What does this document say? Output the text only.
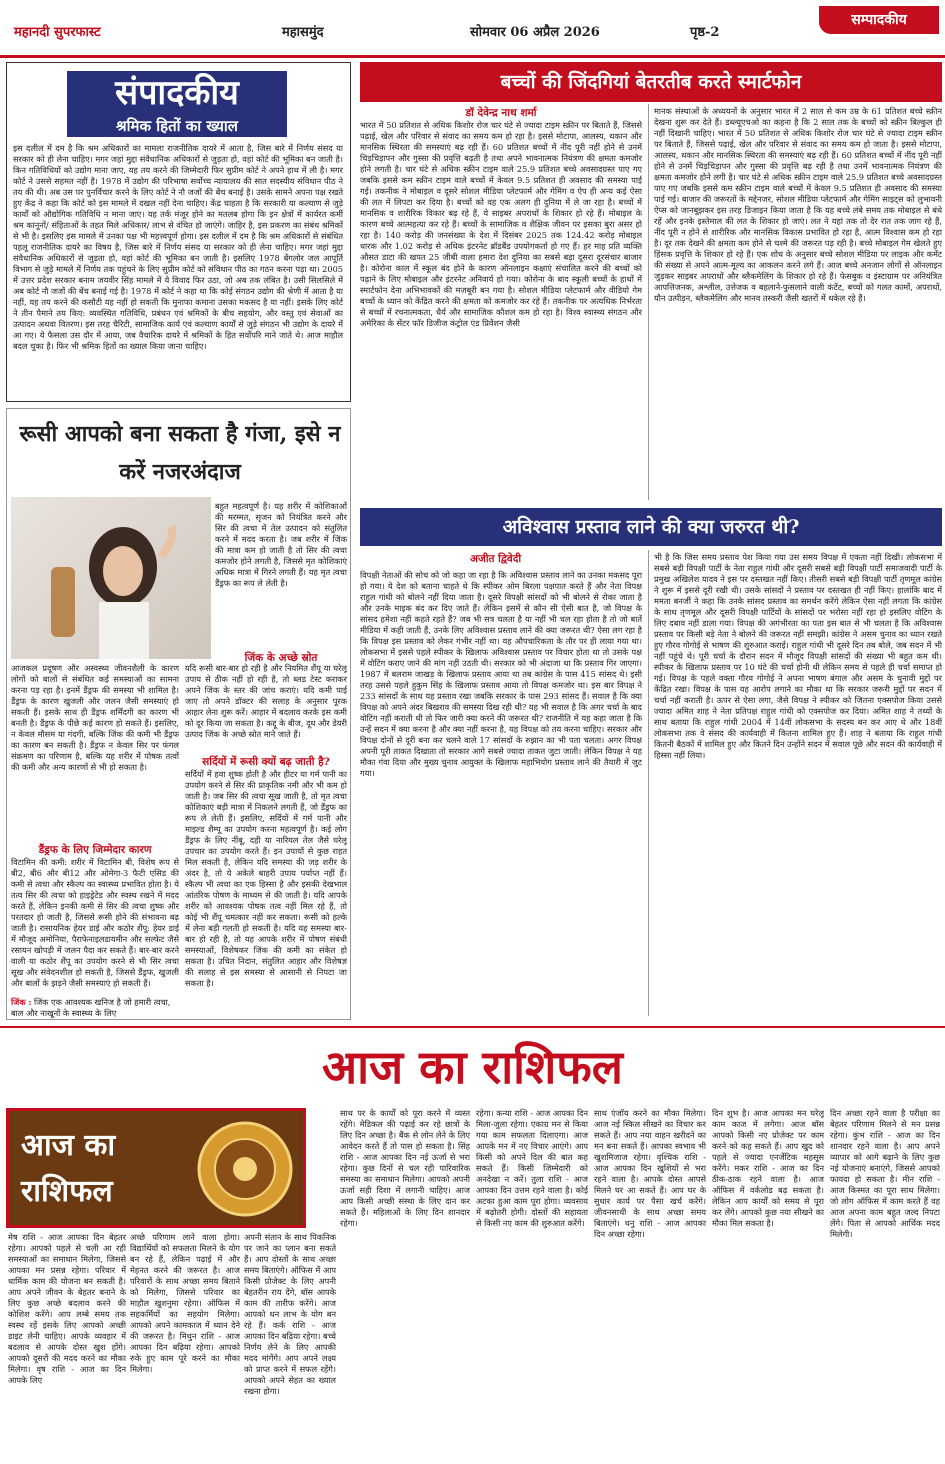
महानदी सुपरफास्ट	महासमुंद	सोमवार 06 अप्रैल 2026	पृष्ठ-2
सम्पादकीय
संपादकीय
श्रमिक हितों का ख्याल
इस दलील में दम है कि श्रम अधिकारों का मामला राजनीतिक दायरे में आता है, जिस बारे में निर्णय संसद या सरकार को ही लेना चाहिए। मगर जहां मुद्दा संवैधानिक अधिकारों से जुड़ता हो, वहां कोर्ट की भूमिका बन जाती है। किन गतिविधियों को उद्योग माना जाए, यह तय करने की जिम्मेदारी फिर सुप्रीम कोर्ट ने अपने हाथ में ली है। मगर कोर्ट ने उससे सहमत नहीं है। 1978 में उद्योग की परिभाषा सर्वोच्च न्यायालय की सात सदस्यीय संविधान पीठ ने तय की थी। अब उस पर पुनर्विचार करने के लिए कोर्ट ने नौ जजों की बेंच बनाई है। उसके सामने अपना पक्ष रखते हुए केंद्र ने कहा कि कोर्ट को इस मामले में दखल नहीं देना चाहिए। केंद्र चाहता है कि सरकारी या कल्याण से जुड़े कार्यों को औद्योगिक गतिविधि न माना जाए। यह तर्क मंजूर होने का मतलब होगा कि इन क्षेत्रों में कार्यरत कर्मी श्रम कानूनों/ संहिताओं के तहत मिले अधिकार/ लाभ से वंचित हो जाएंगे। जाहिर है, इस प्रकरण का संबंध श्रमिकों से भी है। इसलिए इस मामले में उनका पक्ष भी महत्त्वपूर्ण होगा। इस दलील में दम है कि श्रम अधिकारों से संबंधित पहलू राजनीतिक दायरे का विषय है, जिस बारे में निर्णय संसद या सरकार को ही लेना चाहिए। मगर जहां मुद्दा संवैधानिक अधिकारों से जुड़ता हो, वहां कोर्ट की भूमिका बन जाती है। इसलिए 1978 बेंगलोर जल आपूर्ति विभाग से जुड़े मामले में निर्णय तक पहुंचने के लिए सुप्रीम कोर्ट को संविधान पीठ का गठन करना पड़ा था। 2005 में उत्तर प्रदेश सरकार बनाम जयवीर सिंह मामले में ये विवाद फिर उठा, जो अब तक लंबित है। उसी सिलसिले में अब कोर्ट नौ जजों की बेंच बनाई गई है। 1978 में कोर्ट ने कहा था कि कोई संगठन उद्योग की श्रेणी में आता है या नहीं, यह तय करने की कसौटी यह नहीं हो सकती कि मुनाफा कमाना उसका मकसद है या नहीं। इसके लिए कोर्ट ने तीन पैमाने तय किए: व्यवस्थित गतिविधि, प्रबंधन एवं श्रमिकों के बीच सहयोग, और वस्तु एवं सेवाओं का उत्पादन अथवा वितरण। इस तरह चैरिटी, सामाजिक कार्य एवं कल्याण कार्यों से जुड़े संगठन भी उद्योग के दायरे में आ गए। ये फैसला उस दौर में आया, जब वैचारिक दायरे में श्रमिकों के हित सर्वोपरि माने जाते थे। आज माहौल बदल चुका है। फिर भी श्रमिक हितों का ख्याल किया जाना चाहिए।
रूसी आपको बना सकता है गंजा, इसे न करें नजरअंदाज
बहुत महत्वपूर्ण है। यह शरीर में कोशिकाओं की मरम्मत, सृजन को नियंत्रित करने और सिर की त्वचा में तेल उत्पादन को संतुलित करने में मदद करता है। जब शरीर में जिंक की मात्रा कम हो जाती है तो सिर की त्वचा कमजोर होने लगती है, जिससे मृत कोशिकाएं अधिक मात्रा में गिरने लगती हैं। यह मृत त्वचा डैंड्रफ का रूप ले लेती है।
जिंक के अच्छे स्रोत
आजकल प्रदूषण और अस्वस्थ्य जीवनशैली के कारण लोगों को बालों से संबंधित कई समस्याओं का सामना करना पड़ रहा है। इनमें डैंड्रफ की समस्या भी शामिल है। डैंड्रफ के कारण खुजली और जलन जैसी समस्याएं हो सकती हैं। इसके साथ ही डैंड्रफ शर्मिंदगी का कारण भी बनती है। डैंड्रफ के पीछे कई कारण हो सकते हैं। इसलिए, न केवल मौसम या गंदगी, बल्कि जिंक की कमी भी डैंड्रफ का कारण बन सकती है। डैंड्रफ न केवल सिर पर फंगल संक्रमण का परिणाम है, बल्कि यह शरीर में पोषक तत्वों की कमी और अन्य कारणों से भी हो सकता है।
डैंड्रफ के लिए जिम्मेदार कारण
विटामिन की कमी: शरीर में विटामिन बी, विशेष रूप से बी2, बी6 और बी12 और ओमेगा-3 फैटी एसिड की कमी से त्वचा और स्कैल्प का स्वास्थ्य प्रभावित होता है। ये तत्व सिर की त्वचा को हाइड्रेटेड और स्वस्थ रखने में मदद करते हैं, लेकिन इनकी कमी से सिर की त्वचा शुष्क और परतदार हो जाती है, जिससे रूसी होने की संभावना बढ़ जाती है। रासायनिक हेयर डाई और कठोर शैंपू: हेयर डाई में मौजूद अमोनिया, पैराफेनाइलडायमीन और सल्फेट जैसे रसायन खोपड़ी में जलन पैदा कर सकते हैं। बार-बार करने वाली या कठोर शैंपू का उपयोग करने से भी सिर त्वचा सूख और संवेदनशील हो सकती है, जिससे डैंड्रफ, खुजली और बालों के झड़ने जैसी समस्याएं हो सकती हैं।
जिंक : जिंक एक आवश्यक खनिज है जो हमारी त्वचा, बाल और नाखूनों के स्वास्थ्य के लिए
यदि रूसी बार-बार हो रही है और नियमित शैंपू या घरेलू उपाय से ठीक नहीं हो रही है, तो ब्लड टेस्ट कराकर अपने जिंक के स्तर की जांच कराएं। यदि कमी पाई जाए तो अपने डॉक्टर की सलाह के अनुसार पूरक आहार लेना शुरू करें। आहार में बदलाव करके इस कमी को दूर किया जा सकता है। कद्दू के बीज, दूध और डेयरी उत्पाद जिंक के अच्छे स्रोत माने जाते हैं।
सर्दियों में रूसी क्यों बढ़ जाती है?
सर्दियों में हवा शुष्क होती है और हीटर या गर्म पानी का उपयोग करने से सिर की प्राकृतिक नमी और भी कम हो जाती है। जब सिर की त्वचा सूख जाती है, तो मृत त्वचा कोशिकाएं बड़ी मात्रा में निकलने लगती हैं, जो डैंड्रफ का रूप ले लेती हैं। इसलिए, सर्दियों में गर्म पानी और माइल्ड शैम्पू का उपयोग करना महत्वपूर्ण है। कई लोग डैंड्रफ के लिए नींबू, दही या नारियल तेल जैसे घरेलू उपचार का उपयोग करते हैं। इन उपायों से कुछ राहत मिल सकती है, लेकिन यदि समस्या की जड़ शरीर के अंदर है, तो ये अकेले बाहरी उपाय पर्याप्त नहीं हैं। स्कैल्प भी त्वचा का एक हिस्सा है और इसकी देखभाल आंतरिक पोषण के माध्यम से की जाती है। यदि आपके शरीर को आवश्यक पोषक तत्व नहीं मिल रहे हैं, तो कोई भी शैंपू चमत्कार नहीं कर सकता। रूसी को हल्के में लेना बड़ी गलती हो सकती है। यदि यह समस्या बार-बार हो रही है, तो यह आपके शरीर में पोषण संबंधी समस्याओं, विशेषकर जिंक की कमी का संकेत हो सकता है। उचित निदान, संतुलित आहार और विशेषज्ञ की सलाह से इस समस्या से आसानी से निपटा जा सकता है।
बच्चों की जिंदगियां बेतरतीब करते स्मार्टफोन
डॉ देवेन्द्र नाथ शर्मा
भारत में 50 प्रतिशत से अधिक किशोर रोज चार घंटे से ज्यादा टाइम स्क्रीन पर बिताते हैं, जिससे पढ़ाई, खेल और परिवार से संवाद का समय कम हो रहा है। इससे मोटापा, आलस्य, थकान और मानसिक स्थिरता की समस्याएं बढ़ रही हैं। 60 प्रतिशत बच्चों में नींद पूरी नहीं होने से उनमें चिड़चिड़ापन और गुस्सा की प्रवृत्ति बढ़ती है तथा अपने भावनात्मक नियंत्रण की क्षमता कमजोर होने लगती है। चार घंटे से अधिक स्क्रीन टाइम वाले 25.9 प्रतिशत बच्चे अवसादग्रस्त पाए गए जबकि इससे कम स्क्रीन टाइम वाले बच्चों में केवल 9.5 प्रतिशत ही अवसाद की समस्या पाई गई। तकनीक ने मोबाइल व दूसरे सोशल मीडिया प्लेटफार्म और गेमिंग व ऐप ही अन्य कई ऐसा की लत में लिपटा कर दिया है। बच्चों को वह एक अलग ही दुनिया में ले जा रहा है। बच्चों में मानसिक व शारीरिक विकार बढ़ रहे हैं, ये साइबर अपराधों के शिकार हो रहे हैं। मोबाइल के कारण बच्चे आत्महत्या कर रहे हैं। बच्चों के सामाजिक व शैक्षिक जीवन पर इसका बुरा असर हो रहा है। 140 करोड़ की जनसंख्या के देश में दिसंबर 2025 तक 124.42 करोड़ मोबाइल धारक और 1.02 करोड़ से अधिक इंटरनेट ब्रॉडबैंड उपयोगकर्ता हो गए हैं। हर माह प्रति व्यक्ति औसत डाटा की खपत 25 जीबी वाला हमारा देश दुनिया का सबसे बड़ा दूसरा दूरसंचार बाजार है। कोरोना काल में स्कूल बंद होने के कारण ऑनलाइन कक्षाएं संचालित करने की बच्चों को पढ़ाने के लिए मोबाइल और इंटरनेट अनिवार्य हो गया। कोरोना के बाद स्कूली बच्चों के हाथों में स्मार्टफोन देना अभिभावकों की मजबूरी बन गया है। सोशल मीडिया प्लेटफार्म और वीडियो गेम बच्चों के ध्यान को केंद्रित करने की क्षमता को कमजोर कर रहे हैं। तकनीक पर अत्यधिक निर्भरता से बच्चों में रचनात्मकता, धैर्य और सामाजिक कौशल कम हो रहा है। विश्व स्वास्थ्य संगठन और अमेरिका के सेंटर फॉर डिजीज कंट्रोल एंड प्रिवेंशन जैसी
मानक संस्थाओं के अध्ययनों के अनुसार भारत में 2 साल से कम उम्र के 61 प्रतिशत बच्चे स्क्रीन देखना शुरू कर देते हैं। डब्ल्यूएचओ का कहना है कि 2 साल तक के बच्चों को स्क्रीन बिल्कुल ही नहीं दिखानी चाहिए। भारत में 50 प्रतिशत से अधिक किशोर रोज चार घंटे से ज्यादा टाइम स्क्रीन पर बिताते हैं, जिससे पढ़ाई, खेल और परिवार से संवाद का समय कम हो जाता है। इससे मोटापा, आलस्य, थकान और मानसिक स्थिरता की समस्याएं बढ़ रही हैं। 60 प्रतिशत बच्चों में नींद पूरी नहीं होने से उनमें चिड़चिड़ापन और गुस्सा की प्रवृत्ति बढ़ रही है तथा उनमें भावनात्मक नियंत्रण की क्षमता कमजोर होने लगी है। चार घंटे से अधिक स्क्रीन टाइम वाले 25.9 प्रतिशत बच्चे अवसादग्रस्त पाए गए जबकि इससे कम स्क्रीन टाइम वाले बच्चों में केवल 9.5 प्रतिशत ही अवसाद की समस्या पाई गई। बाजार की जरूरतों के मद्देनजर, सोशल मीडिया प्लेटफार्म और गेमिंग साइट्स को लुभावनी ऐप्स को जानबूझकर इस तरह डिजाइन किया जाता है कि यह बच्चे लंबे समय तक मोबाइल से बंधे रहें और इनके इस्तेमाल की लत के शिकार हो जाएं। लत ने यहां तक तो देर रात तक जाग रहे हैं, नींद पूरी न होने से शारीरिक और मानसिक विकास प्रभावित हो रहा है, आत्म विश्वास कम हो रहा है। दूर तक देखने की क्षमता कम होने से चश्मे की जरूरत पड़ रही है। बच्चे मोबाइल गेम खेलते हुए हिंसक प्रवृत्ति के शिकार हो रहे हैं। एक शोध के अनुसार बच्चे सोशल मीडिया पर लाइक और कमेंट की संख्या से अपने आत्म-मूल्य का आकलन करने लगे हैं। आज बच्चे अनजान लोगों से ऑनलाइन जुड़कर साइबर अपराधों और ब्लैकमेलिंग के शिकार हो रहे हैं। फेसबुक व इंस्टाग्राम पर अनियंत्रित आपत्तिजनक, अश्लील, उत्तेजक व बहलाने-फुसलाने वाली कंटेंट, बच्चों को गलत कामों, अपराधों, यौन उत्पीड़न, ब्लैकमेलिंग और मानव तस्करी जैसी खतरों में धकेल रहे हैं।
अविश्वास प्रस्ताव लाने की क्या जरुरत थी?
अजीत द्विवेदी
विपक्षी नेताओं की सोच को जो कहा जा रहा है कि अविश्वास प्रस्ताव लाने का उनका मकसद पूरा हो गया। ये देश को बताना चाहते थे कि स्पीकर ओम बिरला पक्षपात करते हैं और नेता विपक्ष राहुल गांधी को बोलने नहीं दिया जाता है। दूसरे विपक्षी सांसदों को भी बोलने से रोका जाता है और उनके माइक बंद कर दिए जाते हैं। लेकिन इसमें से कौन सी ऐसी बात है, जो विपक्ष के सांसद हमेशा नहीं कहते रहते हैं? जब भी सत्र चलता है या नहीं भी चल रहा होता है तो जो बातें मीडिया में कही जाती हैं, उनके लिए अविश्वास प्रस्ताव लाने की क्या जरूरत थी? ऐसा लग रहा है कि विपक्ष इस प्रस्ताव को लेकर गंभीर नहीं था। यह औपचारिकता के तौर पर ही लाया गया था। लोकसभा में इससे पहले स्पीकर के खिलाफ अविश्वास प्रस्ताव पर विचार होता था तो उसके पक्ष में वोटिंग कराए जाने की मांग नहीं उठती थी। सरकार को भी अंदाजा था कि प्रस्ताव गिर जाएगा। 1987 में बलराम जाखड़ के खिलाफ प्रस्ताव आया था तब कांग्रेस के पास 415 सांसद थे। इसी तरह उससे पहले हुकुम सिंह के खिलाफ प्रस्ताव आया तो विपक्ष कमजोर था। इस बार विपक्ष ने 233 सांसदों के साथ यह प्रस्ताव रखा जबकि सरकार के पास 293 सांसद हैं। सवाल है कि क्या विपक्ष को अपने अंदर बिखराव की समस्या दिख रही थी? यह भी सवाल है कि अगर चर्चा के बाद वोटिंग नहीं कराती थी तो फिर जारी क्या करने की जरूरत थी? राजनीति में यह कहा जाता है कि उन्हें सदन में क्या करना है और क्या नहीं करना है, यह विपक्ष को तय करना चाहिए। सरकार और विपक्ष दोनों से दूरी बना कर चलने वाले 17 सांसदों के रुझान का भी पता चलता। अगर विपक्ष अपनी पूरी ताकत दिखाता तो सरकार आगे सबसे ज्यादा ताकत जुटा जाती। लेकिन विपक्ष ने यह मौका गंवा दिया और मुख्य चुनाव आयुक्त के खिलाफ महाभियोग प्रस्ताव लाने की तैयारी में जुट गया।
भी है कि जिस समय प्रस्ताव पेश किया गया उस समय विपक्ष में एकता नहीं दिखी। लोकसभा में सबसे बड़ी विपक्षी पार्टी के नेता राहुल गांधी और दूसरी सबसे बड़ी विपक्षी पार्टी समाजवादी पार्टी के प्रमुख अखिलेश यादव ने इस पर दस्तखत नहीं किए। तीसरी सबसे बड़ी विपक्षी पार्टी तृणमूल कांग्रेस ने शुरू में इससे दूरी रखी थी। उसके सांसदों ने प्रस्ताव पर दस्तखत ही नहीं किए। हालांकि बाद में ममता बनर्जी ने कहा कि उनके सांसद प्रस्ताव का समर्थन करेंगे लेकिन ऐसा नहीं लगता कि कांग्रेस के साथ तृणमूल और दूसरी विपक्षी पार्टियों के सांसदों पर भरोसा नहीं रहा हो इसलिए वोटिंग के लिए दबाव नहीं डाला गया। विपक्ष की अगंभीरता का पता इस बात से भी चलता है कि अविश्वास प्रस्ताव पर किसी बड़े नेता ने बोलने की जरूरत नहीं समझी। कांग्रेस ने असम चुनाव का ध्यान रखते हुए गौरव गोगोई से भाषण की शुरुआत कराई। राहुल गांधी भी दूसरे दिन तब बोले, जब सदन में भी नहीं पहुंचे थे। पूरी चर्चा के दौरान सदन में मौजूद विपक्षी सांसदों की संख्या भी बहुत कम थी। स्पीकर के खिलाफ प्रस्ताव पर 10 घंटे की चर्चा होनी थी लेकिन समय से पहले ही चर्चा समाप्त हो गई। विपक्ष के पहले वक्ता गौरव गोगोई ने अपना भाषण बंगाल और असम के चुनावी मुद्दों पर केंद्रित रखा। विपक्ष के पास यह आरोप लगाने का मौका था कि सरकार जरूरी मुद्दों पर सदन में चर्चा नहीं कराती है। ऊपर से ऐसा लगा, जैसे विपक्ष ने स्पीकर को जितना एक्सपोज किया उससे ज्यादा अमित शाह ने नेता प्रतिपक्ष राहुल गांधी को एक्सपोज कर दिया। अमित शाह ने तथ्यों के साथ बताया कि राहुल गांधी 2004 में 14वीं लोकसभा के सदस्य बन कर आए थे और 18वीं लोकसभा तक वे संसद की कार्यवाही में कितना शामिल हुए हैं। शाह ने बताया कि राहुल गांधी कितनी बैठकों में शामिल हुए और कितने दिन उन्होंने सदन में सवाल पूछे और सदन की कार्यवाही में हिस्सा नहीं लिया।
आज का राशिफल
आज का
राशिफल
मेष राशि - आज आपका दिन बेहतर रहेगा। आपको पहले से चली आ रही समस्याओं का समाधान मिलेगा, जिससे आपका मन प्रसन्न रहेगा। परिवार में धार्मिक काम की योजना बन सकती है। आप अपने जीवन के बेहतर बनाने के लिए कुछ अच्छे बदलाव करने की कोशिश करेंगे। आप लम्बे समय तक स्वस्थ रहें इसके लिए आपको अच्छी डाइट लेनी चाहिए। आपके व्यवहार में बदलाव से आपके दोस्त खुश होंगे। आपको दूसरों की मदद करने का मौका मिलेगा। वृष राशि - आज का दिन आपके लिए
अच्छे परिणाम लाने वाला होगा। विद्यार्थियों को सफलता मिलने के योग बन रहे हैं, लेकिन पढ़ाई में और मेहनत करने की जरूरत है। आज परिवारों के साथ अच्छा समय बिताने को मिलेगा, जिससे परिवार का माहौल खुशनुमा रहेगा। ऑफिस में सहकर्मियों का सहयोग मिलेगा। आपको अपने कामकाज में ध्यान देने की जरूरत है। मिथुन राशि - आज आपका दिन बढ़िया रहेगा। आपको रुके हुए काम पूरे करने का मौका मिलेगा।
अपनी संतान के साथ पिकनिक पर जाने का प्लान बना सकते हैं। आप दोस्तों के साथ अच्छा समय बिताएंगे। ऑफिस में आप किसी प्रोजेक्ट के लिए अपनी बेहतरीन राय देंगे, बॉस आपके काम की तारीफ करेंगे। आज आपको धन लाभ के योग बन रहे हैं। कर्क राशि - आज आपका दिन बढ़िया रहेगा। बच्चे निर्णय लेने के लिए आपकी मदद मांगेंगे। आप अपने लक्ष्य को प्राप्त करने में सफल रहेंगे। आपको अपने सेहत का ख्याल रखना होगा।
साथ पर के कार्यों को पूरा करने में व्यस्त रहेंगे। मेडिकल की पढ़ाई कर रहे छात्रों के लिए दिन अच्छा है। बैंक से लोन लेने के लिए आवेदन करते हैं तो पास हो सकता है। सिंह राशि - आज आपका दिन नई ऊर्जा से भरा रहेगा। कुछ दिनों से चल रही पारिवारिक समस्या का समाधान मिलेगा। आपको अपनी ऊर्जा सही दिशा में लगानी चाहिए। आज आप किसी अच्छी संस्था के लिए दान कर सकते हैं। महिलाओं के लिए दिन शानदार रहेगा।
रहेगा। कन्या राशि - आज आपका दिन मिला-जुला रहेगा। एकाग्र मन से किया गया काम सफलता दिलाएगा। आज आपके मन में नए विचार आएंगे। आप किसी को अपने दिल की बात कह सकते हैं। किसी जिम्मेदारी को अनदेखा न करें। तुला राशि - आज आपका दिन उत्तम रहने वाला है। कोई अटका हुआ काम पूरा होगा। व्यवसाय में बढ़ोतरी होगी। दोस्तों की सहायता से किसी नए काम की शुरुआत करेंगे।
साथ एंजॉय करने का मौका मिलेगा। आज नई स्किल सीखने का विचार कर सकते हैं। आप नया वाहन खरीदने का मन बना सकते हैं। आपका स्वभाव भी खुशमिजाज रहेगा। वृश्चिक राशि - आज आपका दिन खुशियों से भरा रहने वाला है। आपके दोस्त आपसे मिलने घर आ सकते हैं। आप घर के सुधार कार्य पर पैसा खर्च करेंगे। जीवनसाथी के साथ अच्छा समय बिताएंगे। धनु राशि - आज आपका दिन अच्छा रहेगा।
दिन शुभ है। आज आपका मन घरेलू काम काज में लगेगा। आज बॉस आपको किसी नए प्रोजेक्ट पर काम करने को कह सकते हैं। आप खुद को पहले से ज्यादा एनर्जेटिक महसूस करेंगे। मकर राशि - आज का दिन ठीक-ठाक रहने वाला है। आज ऑफिस में वर्कलोड बढ़ सकता है। लेकिन आप कार्यों को समय से पूरा कर लेंगे। आपको कुछ नया सीखने का मौका मिल सकता है।
दिन अच्छा रहने वाला है परीक्षा का बेहतर परिणाम मिलने से मन प्रसन्न रहेगा। कुंभ राशि - आज का दिन शानदार रहने वाला है। आप अपने व्यापार को आगे बढ़ाने के लिए कुछ नई योजनाएं बनाएंगे, जिससे आपको फायदा हो सकता है। मीन राशि - आज किस्मत का पूरा साथ मिलेगा। जो लोग ऑफिस में काम करते हैं वह आज अपना काम बहुत जल्द निपटा लेंगे। पिता से आपको आर्थिक मदद मिलेगी।
